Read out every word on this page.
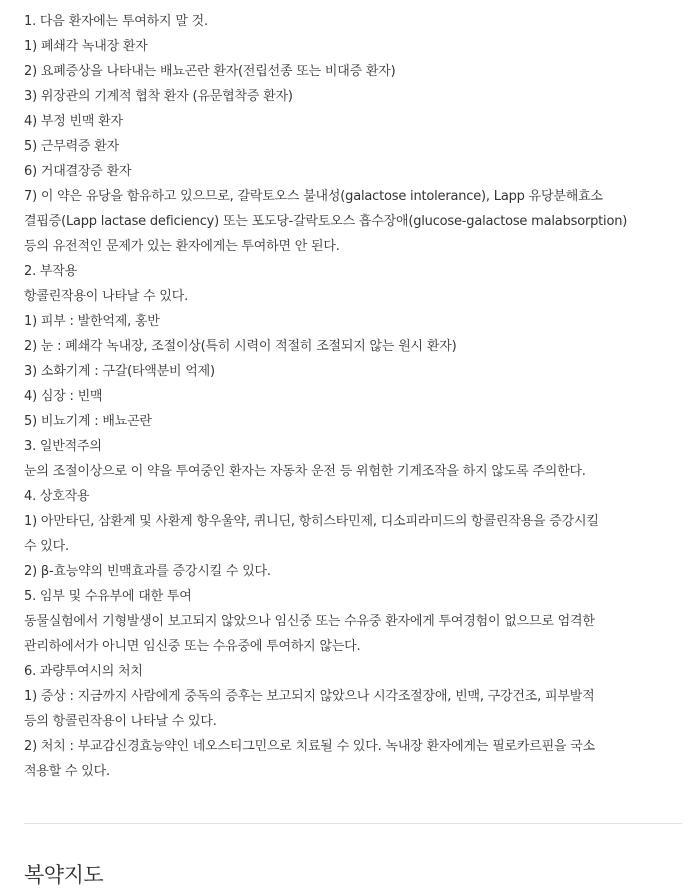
1. 다음 환자에는 투여하지 말 것.
1) 폐쇄각 녹내장 환자
2) 요폐증상을 나타내는 배뇨곤란 환자(전립선종 또는 비대증 환자)
3) 위장관의 기계적 협착 환자 (유문협착증 환자)
4) 부정 빈맥 환자
5) 근무력증 환자
6) 거대결장증 환자
7) 이 약은 유당을 함유하고 있으므로, 갈락토오스 불내성(galactose intolerance), Lapp 유당분해효소
결핍증(Lapp lactase deficiency) 또는 포도당-갈락토오스 흡수장애(glucose-galactose malabsorption)
등의 유전적인 문제가 있는 환자에게는 투여하면 안 된다.
2. 부작용
항콜린작용이 나타날 수 있다.
1) 피부 : 발한억제, 홍반
2) 눈 : 폐쇄각 녹내장, 조절이상(특히 시력이 적절히 조절되지 않는 원시 환자)
3) 소화기계 : 구갈(타액분비 억제)
4) 심장 : 빈맥
5) 비뇨기계 : 배뇨곤란
3. 일반적주의
눈의 조절이상으로 이 약을 투여중인 환자는 자동차 운전 등 위험한 기계조작을 하지 않도록 주의한다.
4. 상호작용
1) 아만타딘, 삼환계 및 사환계 항우울약, 퀴니딘, 항히스타민제, 디소피라미드의 항콜린작용을 증강시킬
수 있다.
2) β-효능약의 빈맥효과를 증강시킬 수 있다.
5. 임부 및 수유부에 대한 투여
동물실험에서 기형발생이 보고되지 않았으나 임신중 또는 수유중 환자에게 투여경험이 없으므로 엄격한
관리하에서가 아니면 임신중 또는 수유중에 투여하지 않는다.
6. 과량투여시의 처치
1) 증상 : 지금까지 사람에게 중독의 증후는 보고되지 않았으나 시각조절장애, 빈맥, 구강건조, 피부발적
등의 항콜린작용이 나타날 수 있다.
2) 처치 : 부교감신경효능약인 네오스티그민으로 치료될 수 있다. 녹내장 환자에게는 필로카르핀을 국소
적용할 수 있다.
복약지도
